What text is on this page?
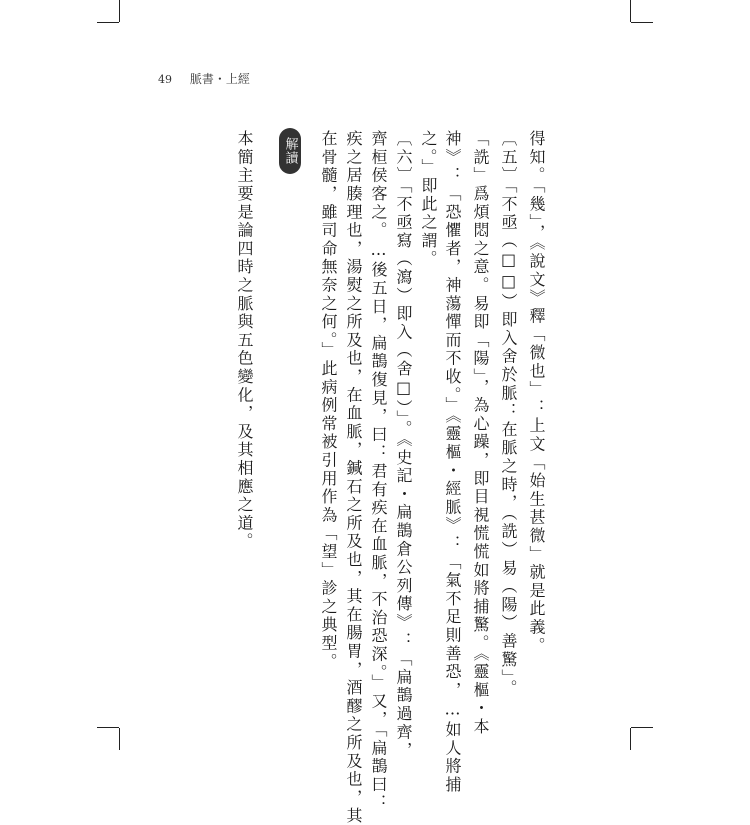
49 脈書・上經
得知。「幾」，《說文》釋「微也」：上文「始生甚微」就是此義。
〔五〕「不亟（□□）即入舍於脈：在脈之時，（詵）易（陽）善驚」。
「詵」爲煩悶之意。易即「陽」，為心躁，即目視慌慌如將捕驚。《靈樞・本
神》：「恐懼者，神蕩憚而不收。」《靈樞・經脈》：「氣不足則善恐，…如人將捕
之。」即此之謂。
〔六〕「不亟寫（瀉）即入（舍□）」。《史記・扁鵲倉公列傳》：「扁鵲過齊，
齊桓侯客之。…後五日，扁鵲復見，曰：君有疾在血脈，不治恐深。」又，「扁鵲曰：
疾之居腠理也，湯熨之所及也，在血脈，鍼石之所及也，其在腸胃，酒醪之所及也，其
在骨髓，雖司命無奈之何。」此病例常被引用作為「望」診之典型。
解讀
本簡主要是論四時之脈與五色變化，及其相應之道。
